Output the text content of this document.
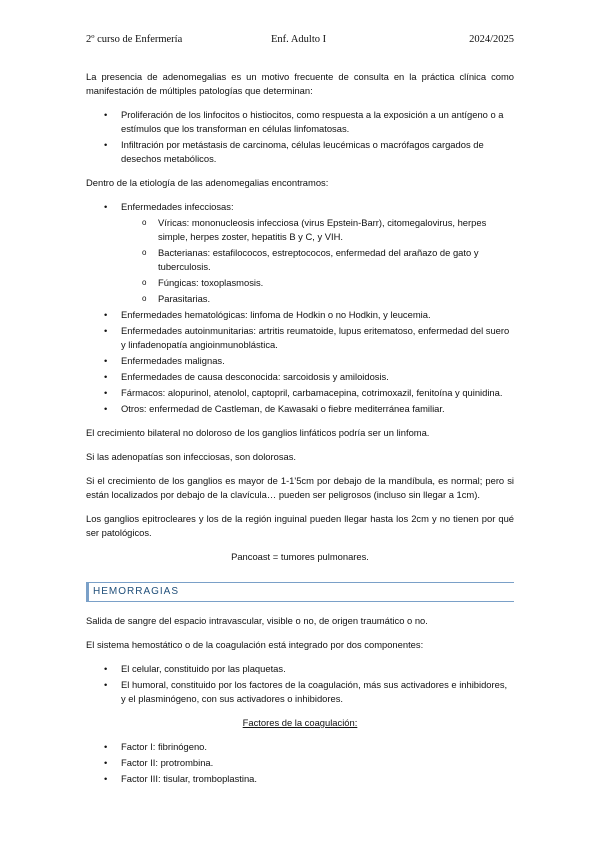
2º curso de Enfermería	Enf. Adulto I	2024/2025

La presencia de adenomegalias es un motivo frecuente de consulta en la práctica clínica como manifestación de múltiples patologías que determinan:

• Proliferación de los linfocitos o histiocitos, como respuesta a la exposición a un antígeno o a estímulos que los transforman en células linfomatosas.
• Infiltración por metástasis de carcinoma, células leucémicas o macrófagos cargados de desechos metabólicos.

Dentro de la etiología de las adenomegalias encontramos:

• Enfermedades infecciosas:
o Víricas: mononucleosis infecciosa (virus Epstein-Barr), citomegalovirus, herpes simple, herpes zoster, hepatitis B y C, y VIH.
o Bacterianas: estafilococos, estreptococos, enfermedad del arañazo de gato y tuberculosis.
o Fúngicas: toxoplasmosis.
o Parasitarias.
• Enfermedades hematológicas: linfoma de Hodkin o no Hodkin, y leucemia.
• Enfermedades autoinmunitarias: artritis reumatoide, lupus eritematoso, enfermedad del suero y linfadenopatía angioinmunoblástica.
• Enfermedades malignas.
• Enfermedades de causa desconocida: sarcoidosis y amiloidosis.
• Fármacos: alopurinol, atenolol, captopril, carbamacepina, cotrimoxazil, fenitoína y quinidina.
• Otros: enfermedad de Castleman, de Kawasaki o fiebre mediterránea familiar.

El crecimiento bilateral no doloroso de los ganglios linfáticos podría ser un linfoma.

Si las adenopatías son infecciosas, son dolorosas.

Si el crecimiento de los ganglios es mayor de 1-1'5cm por debajo de la mandíbula, es normal; pero si están localizados por debajo de la clavícula… pueden ser peligrosos (incluso sin llegar a 1cm).

Los ganglios epitrocleares y los de la región inguinal pueden llegar hasta los 2cm y no tienen por qué ser patológicos.

Pancoast = tumores pulmonares.

HEMORRAGIAS

Salida de sangre del espacio intravascular, visible o no, de origen traumático o no.

El sistema hemostático o de la coagulación está integrado por dos componentes:

• El celular, constituido por las plaquetas.
• El humoral, constituido por los factores de la coagulación, más sus activadores e inhibidores, y el plasminógeno, con sus activadores o inhibidores.

Factores de la coagulación:

• Factor I: fibrinógeno.
• Factor II: protrombina.
• Factor III: tisular, tromboplastina.
